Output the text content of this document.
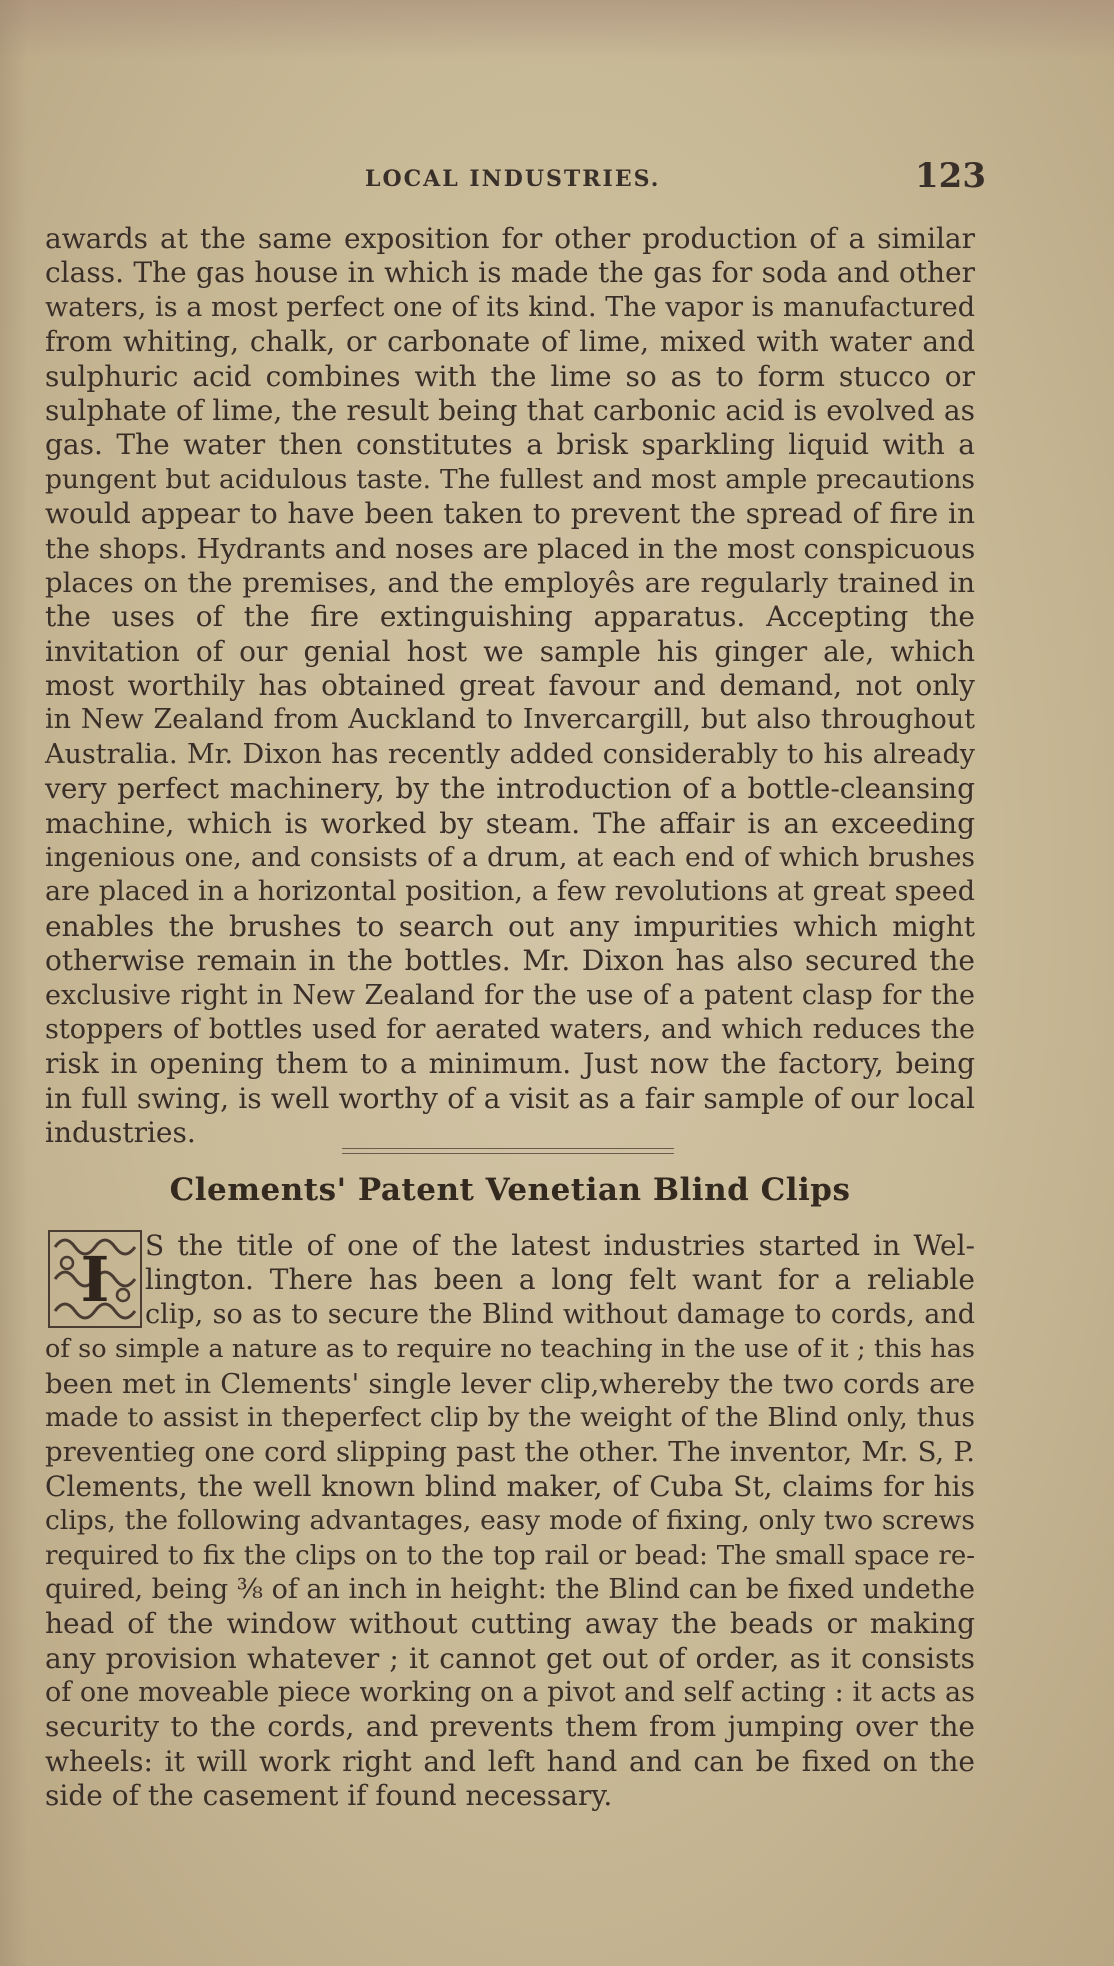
LOCAL INDUSTRIES.	123
awards at the same exposition for other production of a similar
class. The gas house in which is made the gas for soda and other
waters, is a most perfect one of its kind. The vapor is manufactured
from whiting, chalk, or carbonate of lime, mixed with water and
sulphuric acid combines with the lime so as to form stucco or
sulphate of lime, the result being that carbonic acid is evolved as
gas. The water then constitutes a brisk sparkling liquid with a
pungent but acidulous taste. The fullest and most ample precautions
would appear to have been taken to prevent the spread of fire in
the shops. Hydrants and noses are placed in the most conspicuous
places on the premises, and the employês are regularly trained in
the uses of the fire extinguishing apparatus. Accepting the
invitation of our genial host we sample his ginger ale, which
most worthily has obtained great favour and demand, not only
in New Zealand from Auckland to Invercargill, but also throughout
Australia. Mr. Dixon has recently added considerably to his already
very perfect machinery, by the introduction of a bottle-cleansing
machine, which is worked by steam. The affair is an exceeding
ingenious one, and consists of a drum, at each end of which brushes
are placed in a horizontal position, a few revolutions at great speed
enables the brushes to search out any impurities which might
otherwise remain in the bottles. Mr. Dixon has also secured the
exclusive right in New Zealand for the use of a patent clasp for the
stoppers of bottles used for aerated waters, and which reduces the
risk in opening them to a minimum. Just now the factory, being
in full swing, is well worthy of a visit as a fair sample of our local
industries.
Clements' Patent Venetian Blind Clips
I	S the title of one of the latest industries started in Wel-
lington. There has been a long felt want for a reliable
clip, so as to secure the Blind without damage to cords, and
of so simple a nature as to require no teaching in the use of it ; this has
been met in Clements' single lever clip,whereby the two cords are
made to assist in theperfect clip by the weight of the Blind only, thus
preventieg one cord slipping past the other. The inventor, Mr. S, P.
Clements, the well known blind maker, of Cuba St, claims for his
clips, the following advantages, easy mode of fixing, only two screws
required to fix the clips on to the top rail or bead: The small space re-
quired, being ⅜ of an inch in height: the Blind can be fixed undethe
head of the window without cutting away the beads or making
any provision whatever ; it cannot get out of order, as it consists
of one moveable piece working on a pivot and self acting : it acts as
security to the cords, and prevents them from jumping over the
wheels: it will work right and left hand and can be fixed on the
side of the casement if found necessary.
